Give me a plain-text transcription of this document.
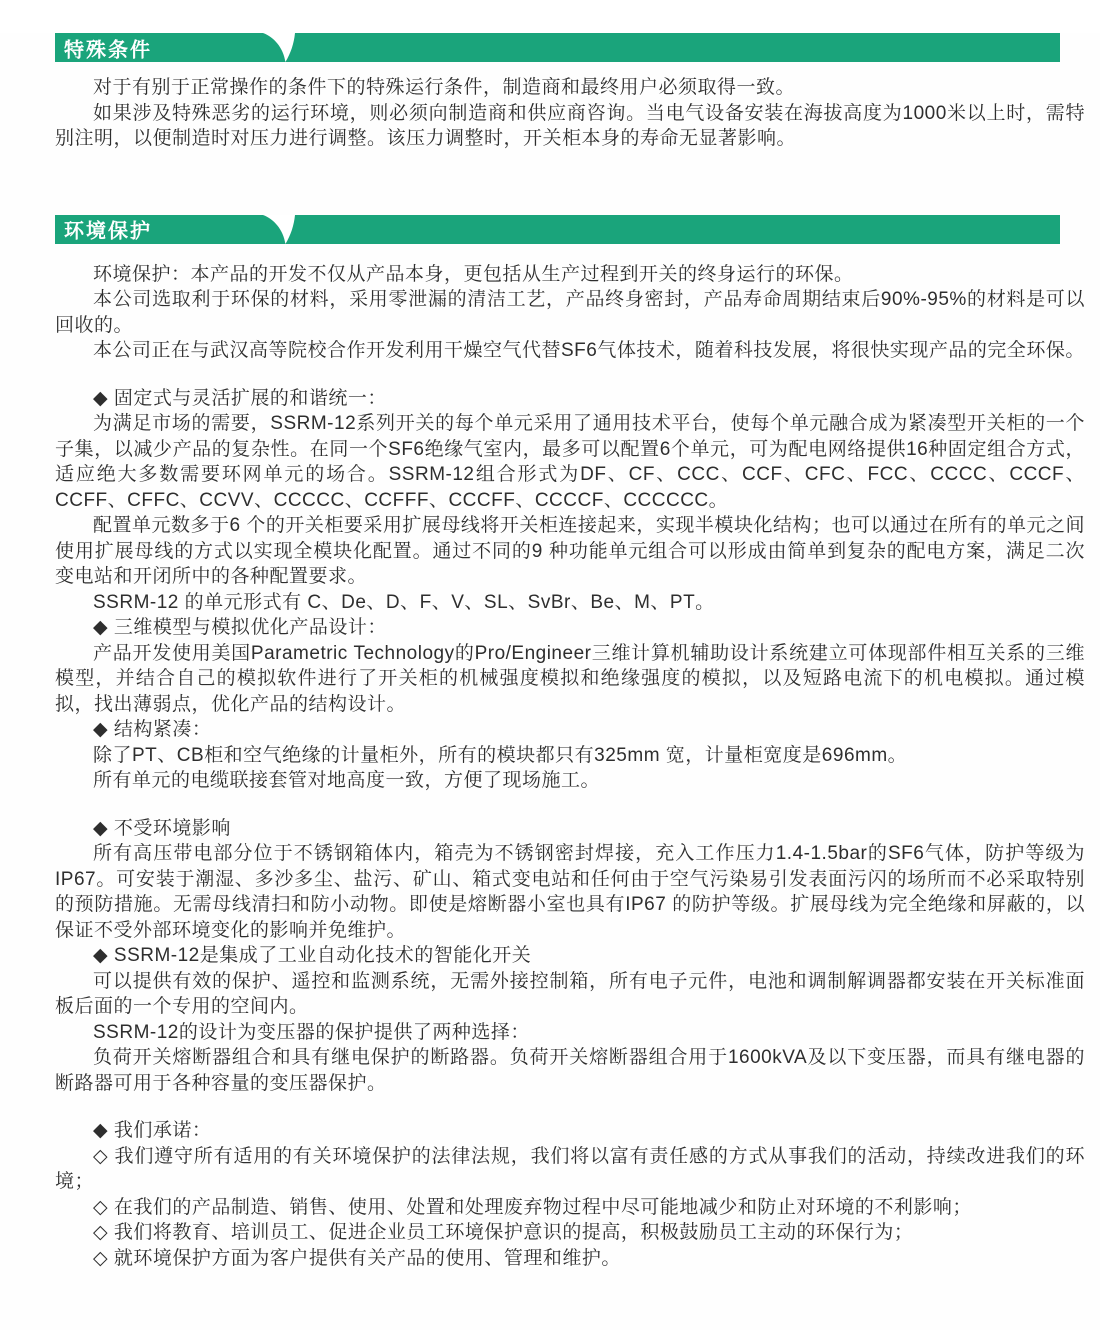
特殊条件

对于有别于正常操作的条件下的特殊运行条件，制造商和最终用户必须取得一致。

如果涉及特殊恶劣的运行环境，则必须向制造商和供应商咨询。当电气设备安装在海拔高度为1000米以上时，需特别注明，以便制造时对压力进行调整。该压力调整时，开关柜本身的寿命无显著影响。

环境保护

环境保护：本产品的开发不仅从产品本身，更包括从生产过程到开关的终身运行的环保。

本公司选取利于环保的材料，采用零泄漏的清洁工艺，产品终身密封，产品寿命周期结束后90%-95%的材料是可以回收的。

本公司正在与武汉高等院校合作开发利用干燥空气代替SF6气体技术，随着科技发展，将很快实现产品的完全环保。

◆ 固定式与灵活扩展的和谐统一：

为满足市场的需要，SSRM-12系列开关的每个单元采用了通用技术平台，使每个单元融合成为紧凑型开关柜的一个子集，以减少产品的复杂性。在同一个SF6绝缘气室内，最多可以配置6个单元，可为配电网络提供16种固定组合方式，适应绝大多数需要环网单元的场合。SSRM-12组合形式为DF、CF、CCC、CCF、CFC、FCC、CCCC、CCCF、CCFF、CFFC、CCVV、CCCCC、CCFFF、CCCFF、CCCCF、CCCCCC。

配置单元数多于6 个的开关柜要采用扩展母线将开关柜连接起来，实现半模块化结构；也可以通过在所有的单元之间使用扩展母线的方式以实现全模块化配置。通过不同的9 种功能单元组合可以形成由简单到复杂的配电方案，满足二次变电站和开闭所中的各种配置要求。

SSRM-12 的单元形式有 C、De、D、F、V、SL、SvBr、Be、M、PT。

◆ 三维模型与模拟优化产品设计：

产品开发使用美国Parametric Technology的Pro/Engineer三维计算机辅助设计系统建立可体现部件相互关系的三维模型，并结合自己的模拟软件进行了开关柜的机械强度模拟和绝缘强度的模拟，以及短路电流下的机电模拟。通过模拟，找出薄弱点，优化产品的结构设计。

◆ 结构紧凑：

除了PT、CB柜和空气绝缘的计量柜外，所有的模块都只有325mm 宽，计量柜宽度是696mm。

所有单元的电缆联接套管对地高度一致，方便了现场施工。

◆ 不受环境影响

所有高压带电部分位于不锈钢箱体内，箱壳为不锈钢密封焊接，充入工作压力1.4-1.5bar的SF6气体，防护等级为IP67。可安装于潮湿、多沙多尘、盐污、矿山、箱式变电站和任何由于空气污染易引发表面污闪的场所而不必采取特别的预防措施。无需母线清扫和防小动物。即使是熔断器小室也具有IP67 的防护等级。扩展母线为完全绝缘和屏蔽的，以保证不受外部环境变化的影响并免维护。

◆ SSRM-12是集成了工业自动化技术的智能化开关

可以提供有效的保护、遥控和监测系统，无需外接控制箱，所有电子元件，电池和调制解调器都安装在开关标准面板后面的一个专用的空间内。

SSRM-12的设计为变压器的保护提供了两种选择：

负荷开关熔断器组合和具有继电保护的断路器。负荷开关熔断器组合用于1600kVA及以下变压器，而具有继电器的断路器可用于各种容量的变压器保护。

◆ 我们承诺：

◇ 我们遵守所有适用的有关环境保护的法律法规，我们将以富有责任感的方式从事我们的活动，持续改进我们的环境；

◇ 在我们的产品制造、销售、使用、处置和处理废弃物过程中尽可能地减少和防止对环境的不利影响；

◇ 我们将教育、培训员工、促进企业员工环境保护意识的提高，积极鼓励员工主动的环保行为；

◇ 就环境保护方面为客户提供有关产品的使用、管理和维护。
